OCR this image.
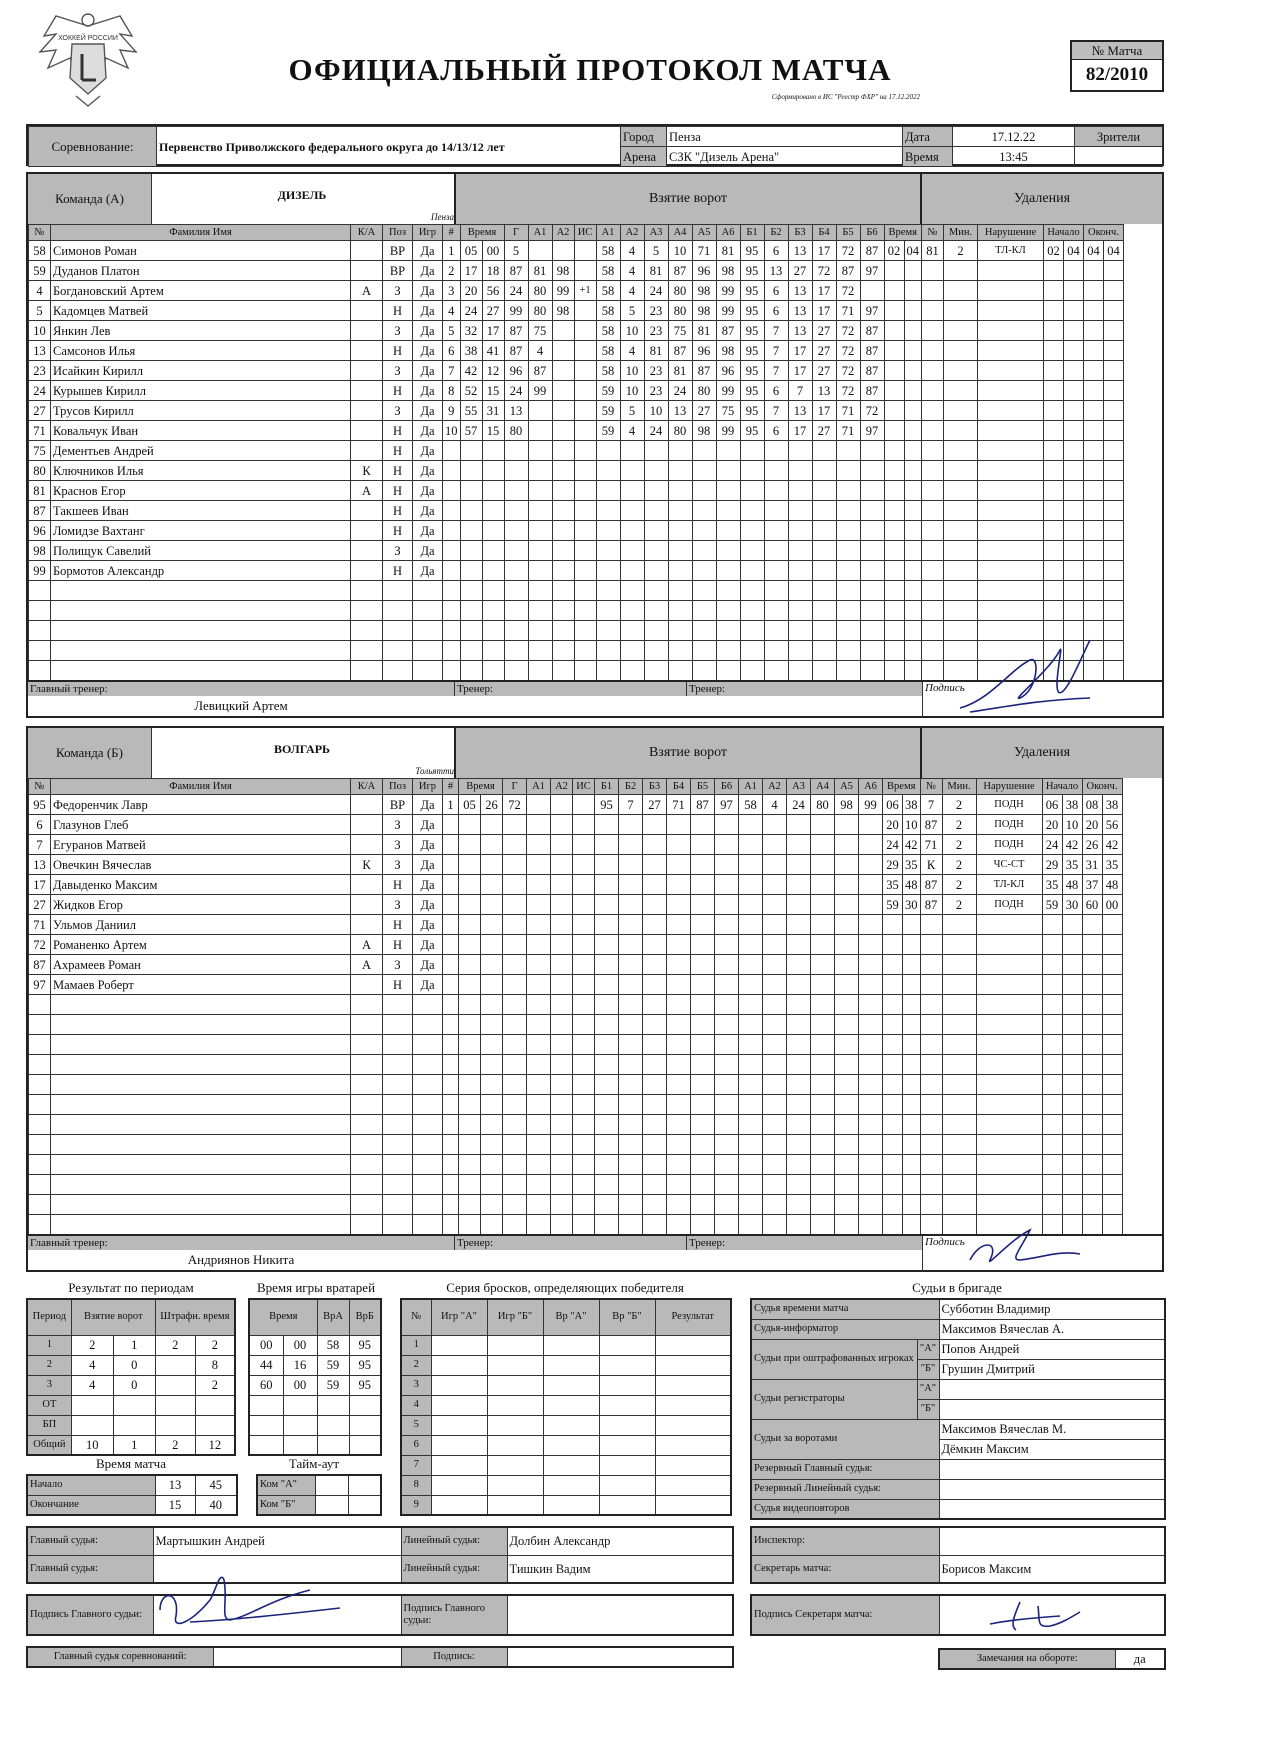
ХОККЕЙ РОССИИ
ОФИЦИАЛЬНЫЙ ПРОТОКОЛ МАТЧА
Сформировано в ИС "Реестр ФХР" на 17.12.2022
№ Матча
82/2010
Соревнование:	Первенство Приволжского федерального округа до 14/13/12 лет	Город	Пенза	Дата	17.12.22	Зрители
		Арена	СЗК "Дизель Арена"	Время	13:45	
Команда (А)	ДИЗЕЛЬ
Пенза
Взятие ворот	Удаления
№	Фамилия Имя	К/А	Поз	Игр	#	Время		Г	А1	А2	ИС	А1	А2	А3	А4	А5	А6	Б1	Б2	Б3	Б4	Б5	Б6	Время		№	Мин.	Нарушение	Начало		Оконч.	
58	Симонов Роман		ВР	Да	1	05	00	5				58	4	5	10	71	81	95	6	13	17	72	87	02	04	81	2	ТЛ-КЛ	02	04	04	04
59	Дуданов Платон		ВР	Да	2	17	18	87	81	98		58	4	81	87	96	98	95	13	27	72	87	97									
4	Богдановский Артем	А	З	Да	3	20	56	24	80	99	+1	58	4	24	80	98	99	95	6	13	17	72										
5	Кадомцев Матвей		Н	Да	4	24	27	99	80	98		58	5	23	80	98	99	95	6	13	17	71	97									
10	Янкин Лев		З	Да	5	32	17	87	75			58	10	23	75	81	87	95	7	13	27	72	87									
13	Самсонов Илья		Н	Да	6	38	41	87	4			58	4	81	87	96	98	95	7	17	27	72	87									
23	Исайкин Кирилл		З	Да	7	42	12	96	87			58	10	23	81	87	96	95	7	17	27	72	87									
24	Курышев Кирилл		Н	Да	8	52	15	24	99			59	10	23	24	80	99	95	6	7	13	72	87									
27	Трусов Кирилл		З	Да	9	55	31	13				59	5	10	13	27	75	95	7	13	17	71	72									
71	Ковальчук Иван		Н	Да	10	57	15	80				59	4	24	80	98	99	95	6	17	27	71	97									
75	Дементьев Андрей		Н	Да																												
80	Ключников Илья	К	Н	Да																												
81	Краснов Егор	А	Н	Да																												
87	Такшеев Иван		Н	Да																												
96	Ломидзе Вахтанг		Н	Да																												
98	Полищук Савелий		З	Да																												
99	Бормотов Александр		Н	Да																												

Главный тренер:
Левицкий Артем
Тренер:	Тренер:	Подпись
Команда (Б)	ВОЛГАРЬ
Тольятти
Взятие ворот	Удаления
№	Фамилия Имя	К/А	Поз	Игр	#	Время		Г	А1	А2	ИС	Б1	Б2	Б3	Б4	Б5	Б6	А1	А2	А3	А4	А5	А6	Время		№	Мин.	Нарушение	Начало		Оконч.	
95	Федоренчик Лавр		ВР	Да	1	05	26	72				95	7	27	71	87	97	58	4	24	80	98	99	06	38	7	2	ПОДН	06	38	08	38
6	Глазунов Глеб		З	Да																				20	10	87	2	ПОДН	20	10	20	56
7	Егуранов Матвей		З	Да																				24	42	71	2	ПОДН	24	42	26	42
13	Овечкин Вячеслав	К	З	Да																				29	35	К	2	ЧС-СТ	29	35	31	35
17	Давыденко Максим		Н	Да																				35	48	87	2	ТЛ-КЛ	35	48	37	48
27	Жидков Егор		З	Да																				59	30	87	2	ПОДН	59	30	60	00
71	Ульмов Даниил		Н	Да																												
72	Романенко Артем	А	Н	Да																												
87	Ахрамеев Роман	А	З	Да																												
97	Мамаев Роберт		Н	Да																												

Главный тренер:
Андриянов Никита
Тренер:	Тренер:	Подпись
Результат по периодам
Период	Взятие ворот		Штрафн. время	

1	2	1	2	2
2	4	0		8
3	4	0		2
ОТ				
БП				
Общий	10	1	2	12
Время игры вратарей
Время		ВрА	ВрБ
00	00	58	95
44	16	59	95
60	00	59	95

Время матча
Начало	13	45
Окончание	15	40
Тайм-аут
Ком "А"		
Ком "Б"		
Серия бросков, определяющих победителя
№	Игр "А"	Игр "Б"	Вр "А"	Вр "Б"	Результат
1					
2					
3					
4					
5					
6					
7					
8					
9					
Судьи в бригаде
Судья времени матча		Субботин Владимир
Судья-информатор		Максимов Вячеслав А.
Судьи при оштрафованных игроках	"А"	Попов Андрей
	"Б"	Грушин Дмитрий
Судьи регистраторы	"А"	
	"Б"	
Судьи за воротами		Максимов Вячеслав М.
		Дёмкин Максим
Резервный Главный судья:		
Резервный Линейный судья:		
Судья видеоповторов		
Главный судья:	Мартышкин Андрей	Линейный судья:	Долбин Александр
Главный судья:		Линейный судья:	Тишкин Вадим
Подпись Главного судьи:		Подпись Главного судьи:	
Главный судья соревнований:		Подпись:	
Инспектор:	
Секретарь матча:	Борисов Максим
Подпись Секретаря матча:	
Замечания на обороте:	да
